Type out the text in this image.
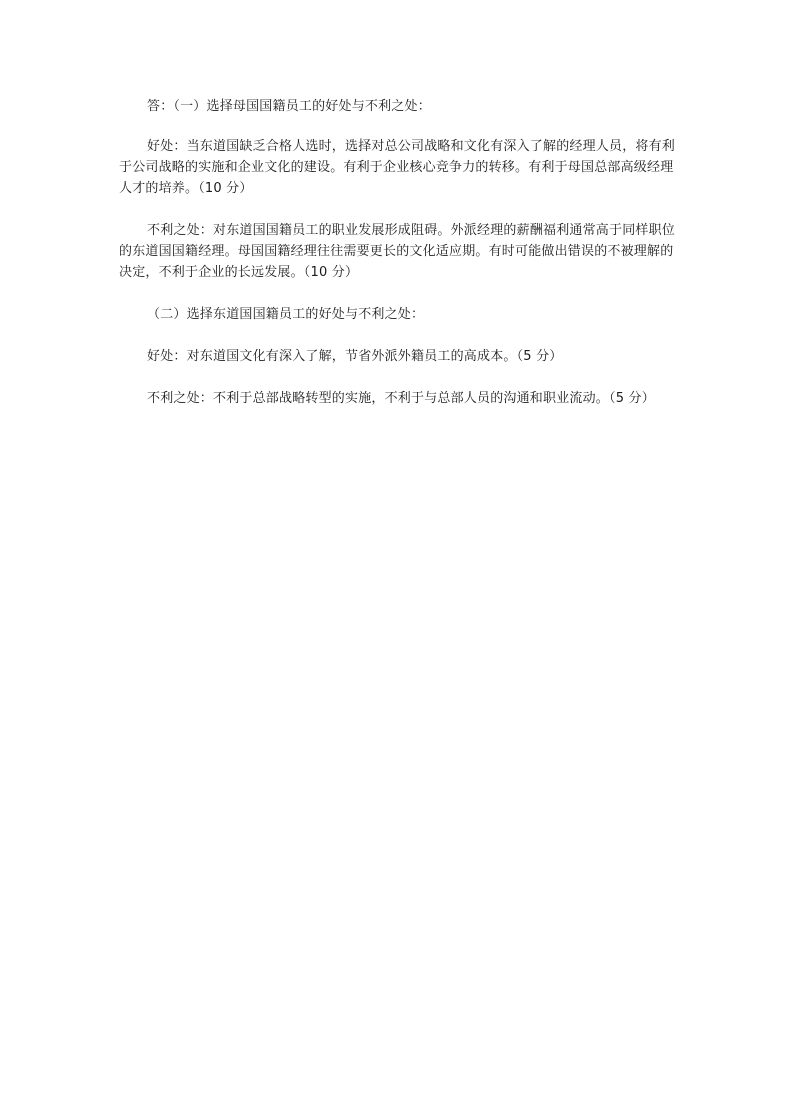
答：（一）选择母国国籍员工的好处与不利之处：

好处：当东道国缺乏合格人选时，选择对总公司战略和文化有深入了解的经理人员，将有利于公司战略的实施和企业文化的建设。有利于企业核心竞争力的转移。有利于母国总部高级经理人才的培养。（10 分）

不利之处：对东道国国籍员工的职业发展形成阻碍。外派经理的薪酬福利通常高于同样职位的东道国国籍经理。母国国籍经理往往需要更长的文化适应期。有时可能做出错误的不被理解的决定，不利于企业的长远发展。（10 分）

（二）选择东道国国籍员工的好处与不利之处：

好处：对东道国文化有深入了解，节省外派外籍员工的高成本。（5 分）

不利之处：不利于总部战略转型的实施，不利于与总部人员的沟通和职业流动。（5 分）
